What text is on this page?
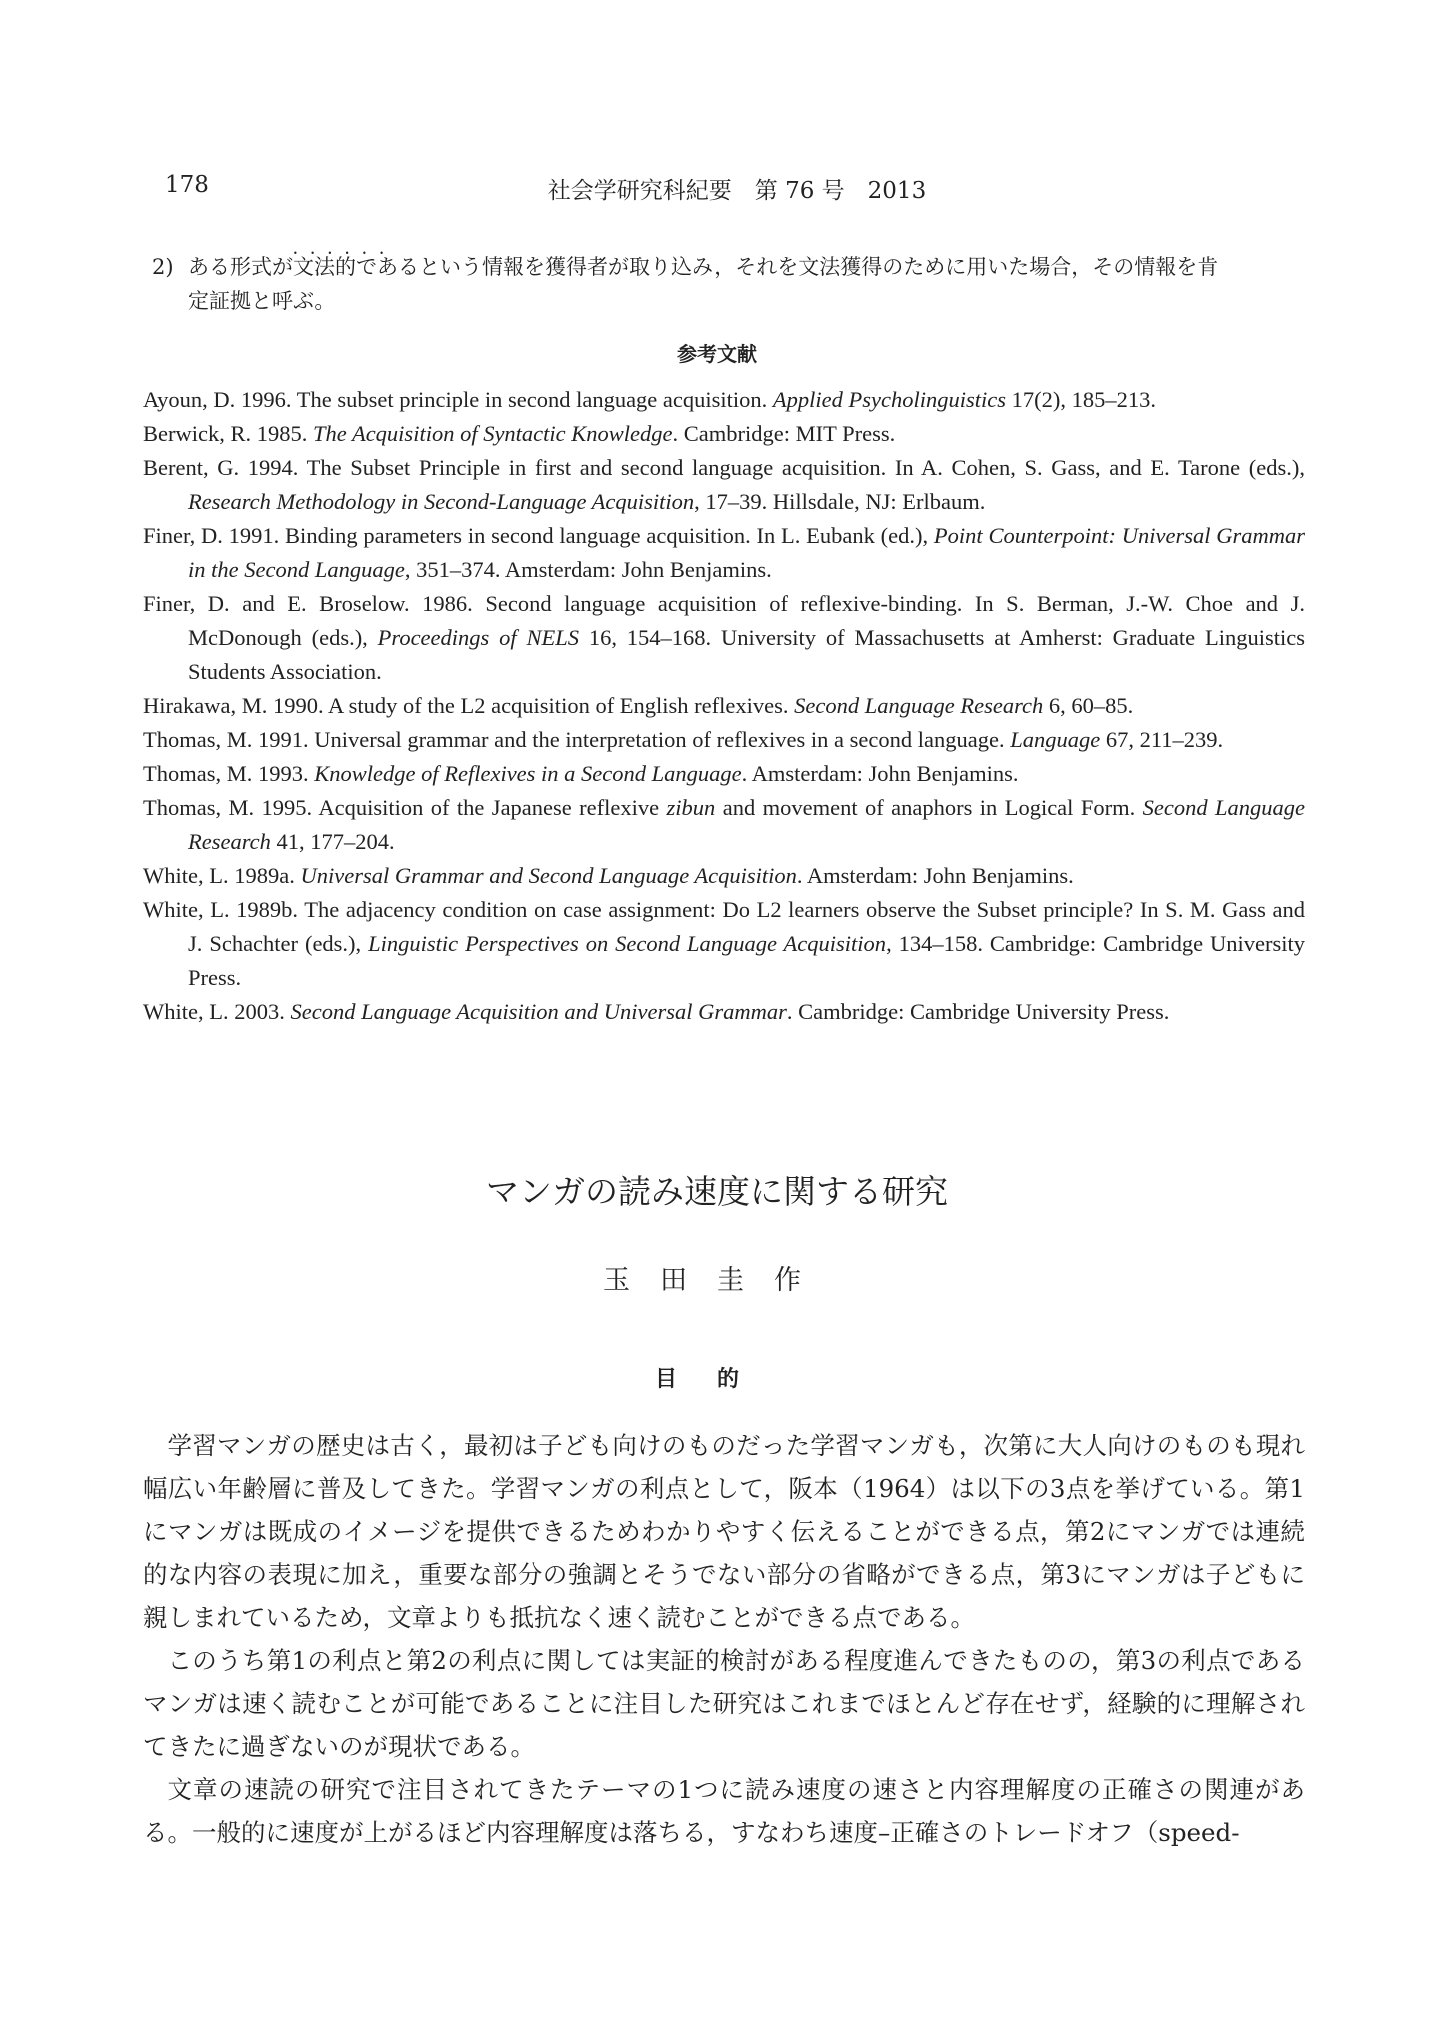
178	社会学研究科紀要　第 76 号　2013
2) ある形式が• • • 文法的であるという情報を獲得者が取り込み，それを文法獲得のために用いた場合，その情報を肯
定証拠と呼ぶ。
参考文献
Ayoun, D. 1996. The subset principle in second language acquisition. Applied Psycholinguistics 17(2), 185–213.
Berwick, R. 1985. The Acquisition of Syntactic Knowledge. Cambridge: MIT Press.
Berent, G. 1994. The Subset Principle in first and second language acquisition. In A. Cohen, S. Gass, and E. Tarone (eds.), Research Methodology in Second-Language Acquisition, 17–39. Hillsdale, NJ: Erlbaum.
Finer, D. 1991. Binding parameters in second language acquisition. In L. Eubank (ed.), Point Counterpoint: Universal Grammar in the Second Language, 351–374. Amsterdam: John Benjamins.
Finer, D. and E. Broselow. 1986. Second language acquisition of reflexive-binding. In S. Berman, J.-W. Choe and J. McDonough (eds.), Proceedings of NELS 16, 154–168. University of Massachusetts at Amherst: Graduate Linguistics Students Association.
Hirakawa, M. 1990. A study of the L2 acquisition of English reflexives. Second Language Research 6, 60–85.
Thomas, M. 1991. Universal grammar and the interpretation of reflexives in a second language. Language 67, 211–239.
Thomas, M. 1993. Knowledge of Reflexives in a Second Language. Amsterdam: John Benjamins.
Thomas, M. 1995. Acquisition of the Japanese reflexive zibun and movement of anaphors in Logical Form. Second Language Research 41, 177–204.
White, L. 1989a. Universal Grammar and Second Language Acquisition. Amsterdam: John Benjamins.
White, L. 1989b. The adjacency condition on case assignment: Do L2 learners observe the Subset principle? In S. M. Gass and J. Schachter (eds.), Linguistic Perspectives on Second Language Acquisition, 134–158. Cambridge: Cambridge University Press.
White, L. 2003. Second Language Acquisition and Universal Grammar. Cambridge: Cambridge University Press.
マンガの読み速度に関する研究
玉田圭作
目的

学習マンガの歴史は古く，最初は子ども向けのものだった学習マンガも，次第に大人向けのものも現れ幅広い年齢層に普及してきた。学習マンガの利点として，阪本（1964）は以下の3点を挙げている。第1にマンガは既成のイメージを提供できるためわかりやすく伝えることができる点，第2にマンガでは連続的な内容の表現に加え，重要な部分の強調とそうでない部分の省略ができる点，第3にマンガは子どもに親しまれているため，文章よりも抵抗なく速く読むことができる点である。

このうち第1の利点と第2の利点に関しては実証的検討がある程度進んできたものの，第3の利点であるマンガは速く読むことが可能であることに注目した研究はこれまでほとんど存在せず，経験的に理解されてきたに過ぎないのが現状である。

文章の速読の研究で注目されてきたテーマの1つに読み速度の速さと内容理解度の正確さの関連がある。一般的に速度が上がるほど内容理解度は落ちる，すなわち速度–正確さのトレードオフ（speed-
